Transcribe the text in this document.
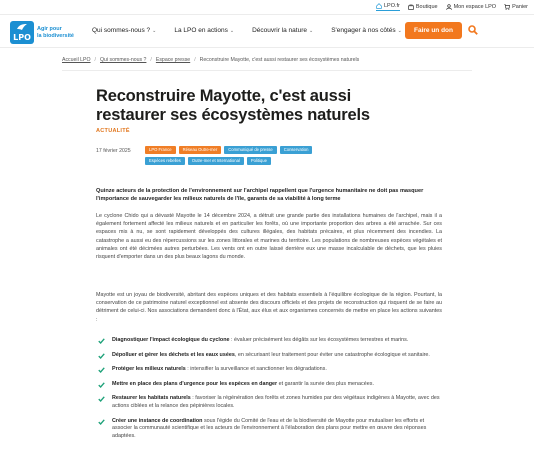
LPO.fr	Boutique	Mon espace LPO	Panier
LPO
Agir pour
la biodiversité
Qui sommes-nous ? ⌄	La LPO en actions ⌄	Découvrir la nature ⌄	S'engager à nos côtés ⌄	Faire un don
Accueil LPO / Qui sommes-nous ? / Espace presse / Reconstruire Mayotte, c'est aussi restaurer ses écosystèmes naturels
Reconstruire Mayotte, c'est aussi restaurer ses écosystèmes naturels
ACTUALITÉ
17 février 2025	LPO France	Réseau Outre-mer	Communiqué de presse	Conservation
Espèces rebelles	Outre-mer et International	Politique

Quinze acteurs de la protection de l'environnement sur l'archipel rappellent que l'urgence humanitaire ne doit pas masquer l'importance de sauvegarder les milieux naturels de l'île, garants de sa viabilité à long terme

Le cyclone Chido qui a dévasté Mayotte le 14 décembre 2024, a détruit une grande partie des installations humaines de l'archipel, mais il a également fortement affecté les milieux naturels et en particulier les forêts, où une importante proportion des arbres a été arrachée. Sur ces espaces mis à nu, se sont rapidement développés des cultures illégales, des habitats précaires, et plus récemment des incendies. La catastrophe a aussi eu des répercussions sur les zones littorales et marines du territoire. Les populations de nombreuses espèces végétales et animales ont été décimées autres perturbées. Les vents ont en outre laissé derrière eux une masse incalculable de déchets, que les pluies risquent d'emporter dans un des plus beaux lagons du monde.

Mayotte est un joyau de biodiversité, abritant des espèces uniques et des habitats essentiels à l'équilibre écologique de la région. Pourtant, la conservation de ce patrimoine naturel exceptionnel est absente des discours officiels et des projets de reconstruction qui risquent de se faire au détriment de celui-ci. Nos associations demandent donc à l'État, aux élus et aux organismes concernés de mettre en place les actions suivantes :

Diagnostiquer l'impact écologique du cyclone : évaluer précisément les dégâts sur les écosystèmes terrestres et marins.
Dépolluer et gérer les déchets et les eaux usées, en sécurisant leur traitement pour éviter une catastrophe écologique et sanitaire.
Protéger les milieux naturels : intensifier la surveillance et sanctionner les dégradations.
Mettre en place des plans d'urgence pour les espèces en danger et garantir la survie des plus menacées.
Restaurer les habitats naturels : favoriser la régénération des forêts et zones humides par des végétaux indigènes à Mayotte, avec des actions ciblées et la relance des pépinières locales.
Créer une instance de coordination sous l'égide du Comité de l'eau et de la biodiversité de Mayotte pour mutualiser les efforts et associer la communauté scientifique et les acteurs de l'environnement à l'élaboration des plans pour mettre en œuvre des réponses adaptées.
